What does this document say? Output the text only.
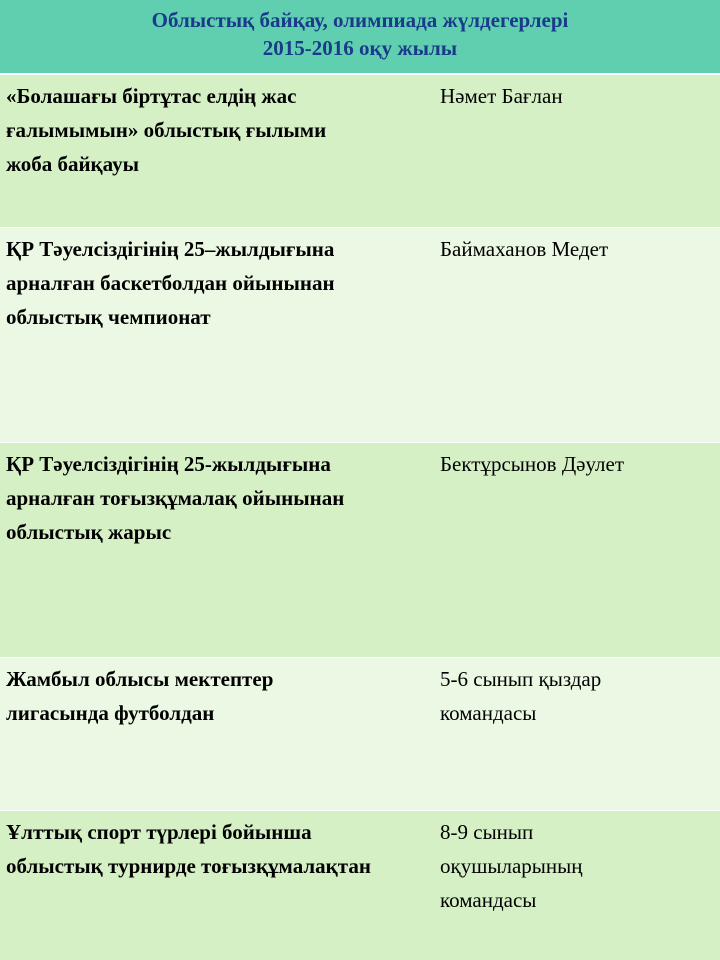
Облыстық байқау, олимпиада жүлдегерлері
2015-2016 оқу жылы
«Болашағы біртұтас елдің жас
ғалымымын» облыстық ғылыми
жоба байқауы
Нәмет Бағлан
ҚР Тәуелсіздігінің 25–жылдығына
арналған баскетболдан ойынынан
облыстық чемпионат
Баймаханов Медет
ҚР Тәуелсіздігінің 25-жылдығына
арналған тоғызқұмалақ ойынынан
облыстық жарыс
Бектұрсынов Дәулет
Жамбыл облысы мектептер
лигасында футболдан
5-6 сынып қыздар
командасы
Ұлттық спорт түрлері бойынша
облыстық турнирде тоғызқұмалақтан
8-9 сынып
оқушыларының
командасы
